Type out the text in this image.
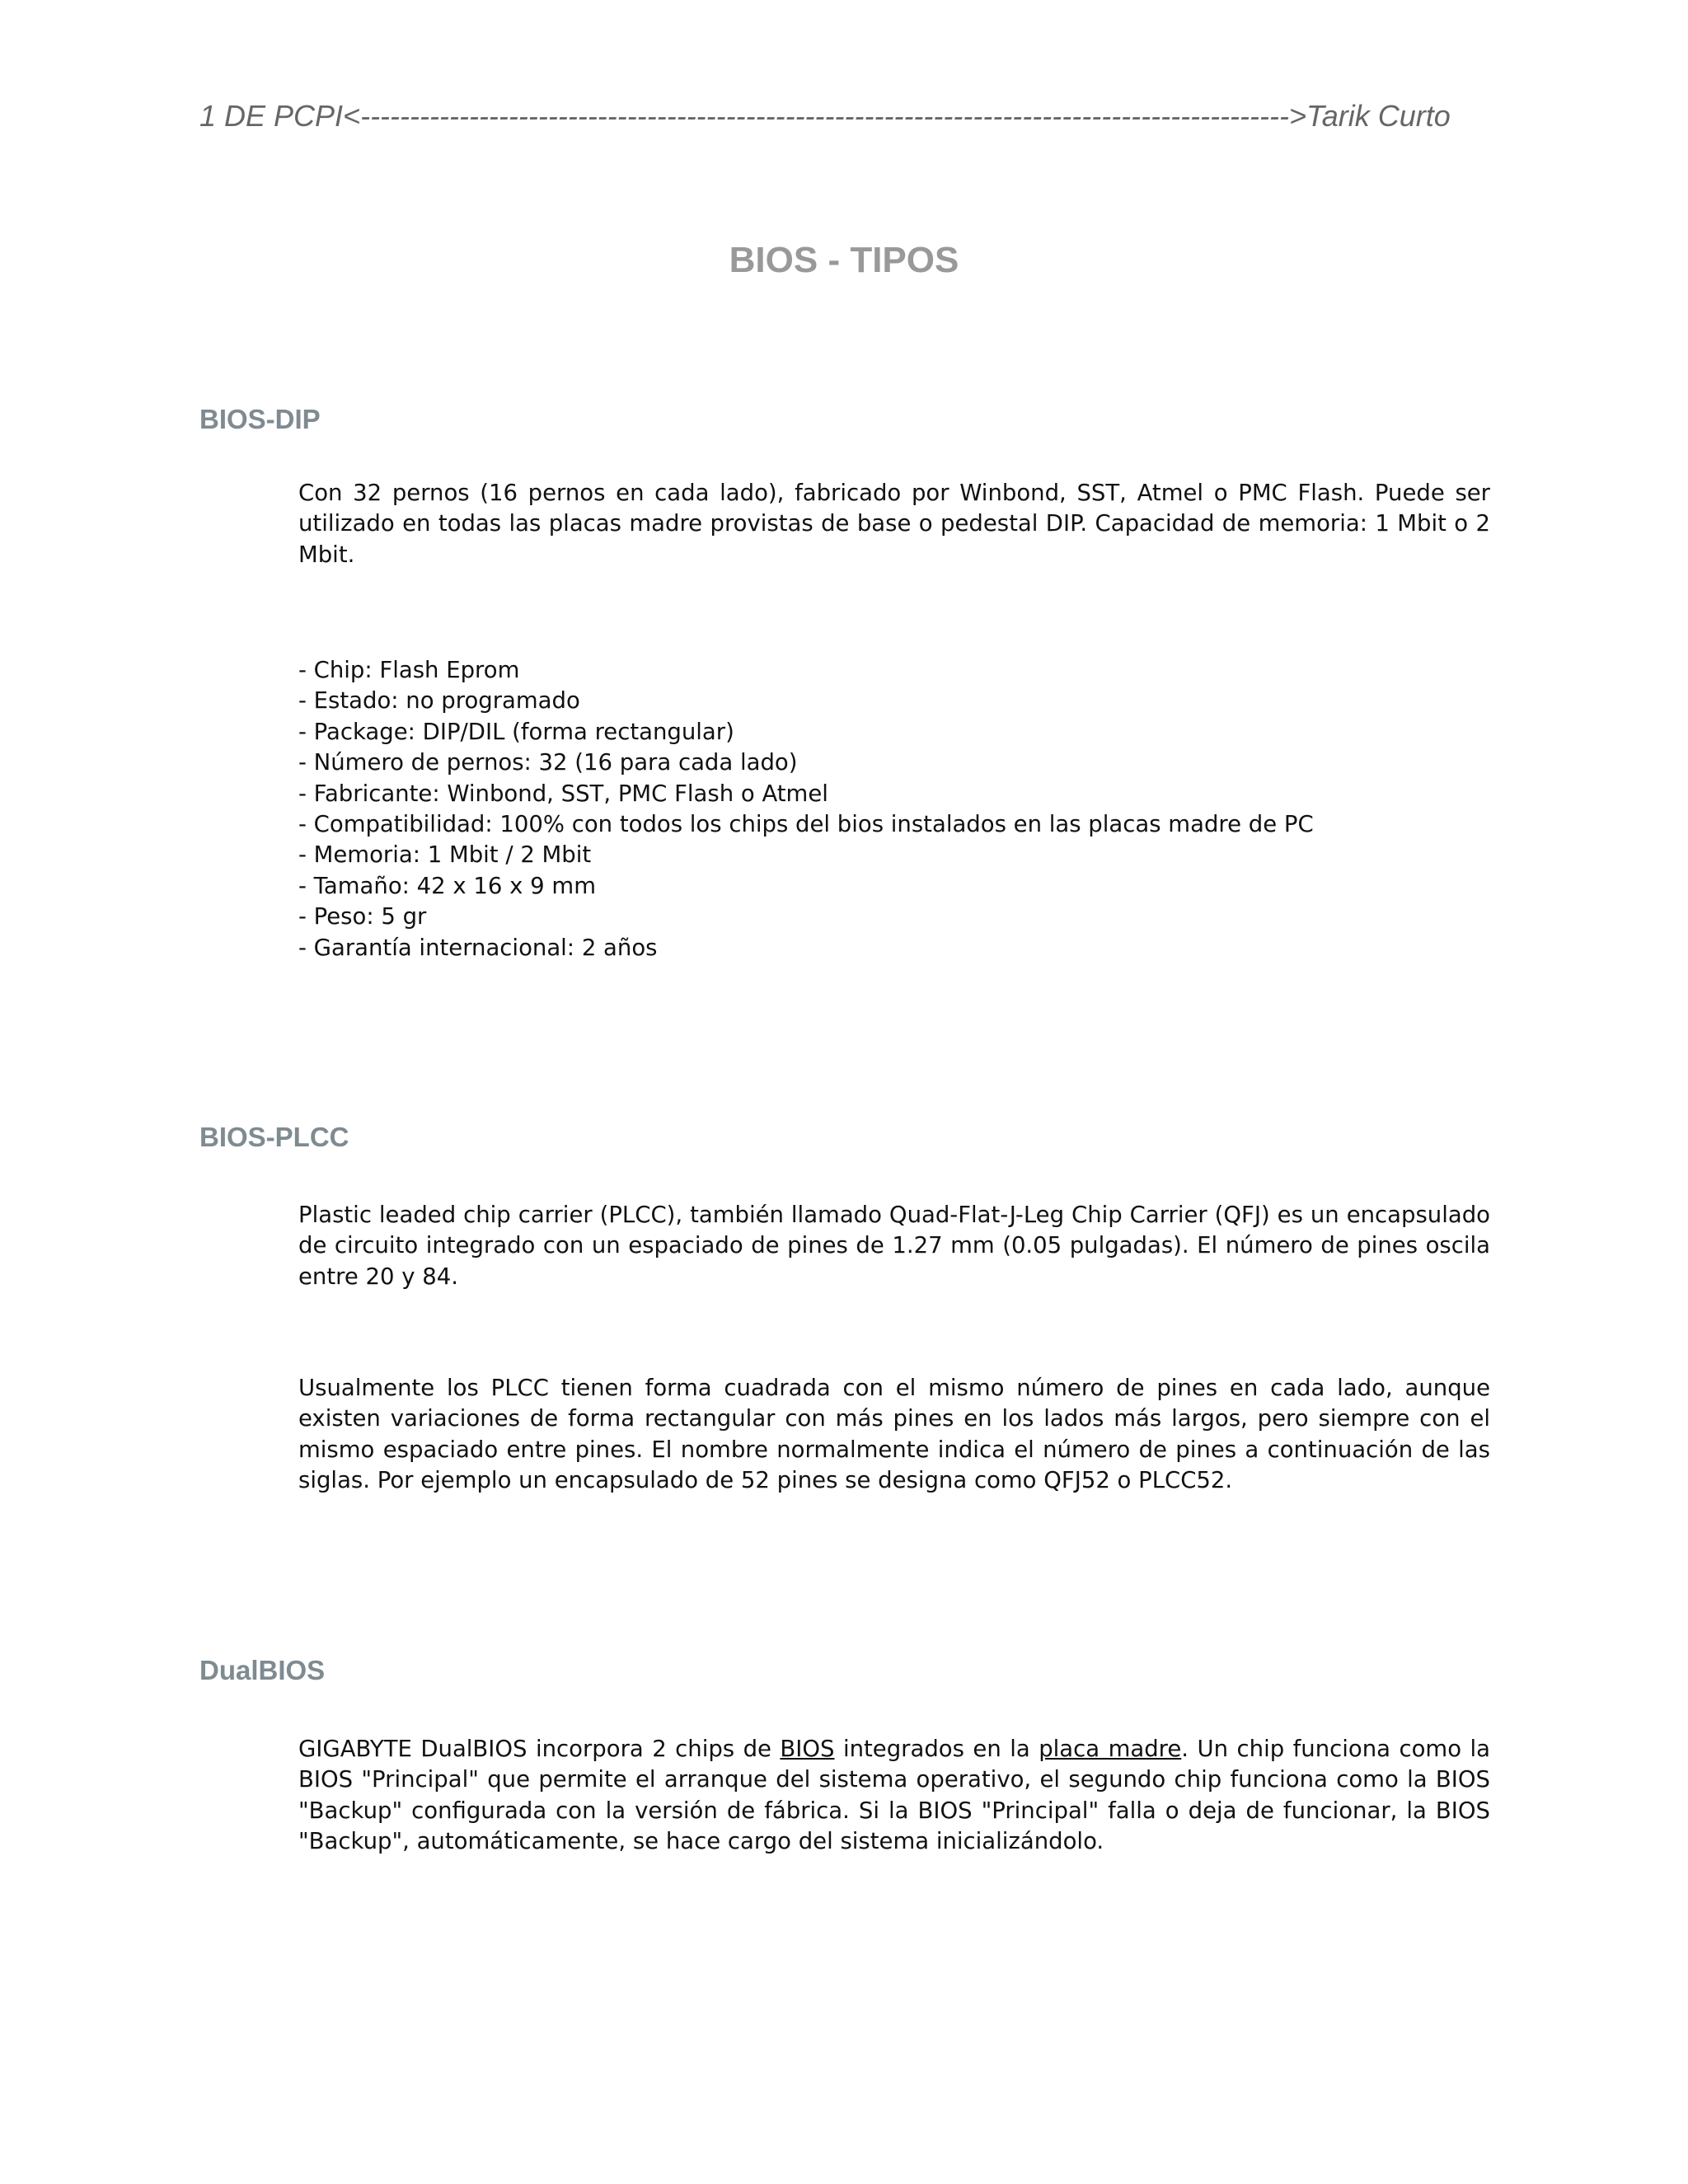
1 DE PCPI<---------------------------------------------------------------------------------------------->Tarik Curto
BIOS - TIPOS
BIOS-DIP

Con 32 pernos (16 pernos en cada lado), fabricado por Winbond, SST, Atmel o PMC Flash. Puede ser utilizado en todas las placas madre provistas de base o pedestal DIP. Capacidad de memoria: 1 Mbit o 2 Mbit.

- Chip: Flash Eprom
- Estado: no programado
- Package: DIP/DIL (forma rectangular)
- Número de pernos: 32 (16 para cada lado)
- Fabricante: Winbond, SST, PMC Flash o Atmel
- Compatibilidad: 100% con todos los chips del bios instalados en las placas madre de PC
- Memoria: 1 Mbit / 2 Mbit
- Tamaño: 42 x 16 x 9 mm
- Peso: 5 gr
- Garantía internacional: 2 años
BIOS-PLCC

Plastic leaded chip carrier (PLCC), también llamado Quad-Flat-J-Leg Chip Carrier (QFJ) es un encapsulado de circuito integrado con un espaciado de pines de 1.27 mm (0.05 pulgadas). El número de pines oscila entre 20 y 84.

Usualmente los PLCC tienen forma cuadrada con el mismo número de pines en cada lado, aunque existen variaciones de forma rectangular con más pines en los lados más largos, pero siempre con el mismo espaciado entre pines. El nombre normalmente indica el número de pines a continuación de las siglas. Por ejemplo un encapsulado de 52 pines se designa como QFJ52 o PLCC52.

DualBIOS

GIGABYTE DualBIOS incorpora 2 chips de BIOS integrados en la placa madre. Un chip funciona como la BIOS "Principal" que permite el arranque del sistema operativo, el segundo chip funciona como la BIOS "Backup" configurada con la versión de fábrica. Si la BIOS "Principal" falla o deja de funcionar, la BIOS "Backup", automáticamente, se hace cargo del sistema inicializándolo.
